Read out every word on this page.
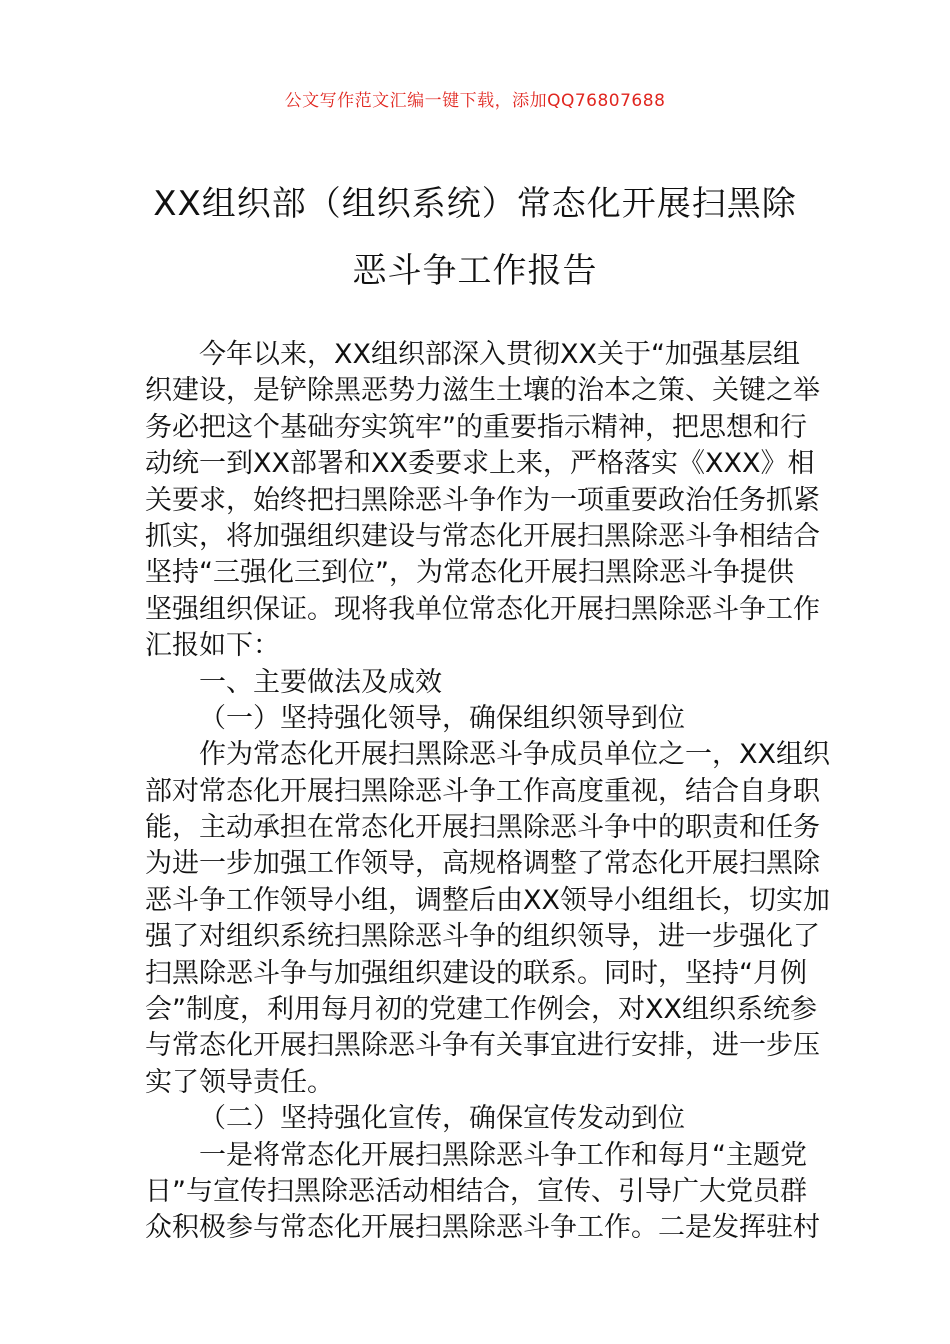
公文写作范文汇编一键下载，添加QQ76807688
XX组织部（组织系统）常态化开展扫黑除
恶斗争工作报告
今年以来，XX组织部深入贯彻XX关于“加强基层组
织建设，是铲除黑恶势力滋生土壤的治本之策、关键之举
务必把这个基础夯实筑牢”的重要指示精神，把思想和行
动统一到XX部署和XX委要求上来，严格落实《XXX》相
关要求，始终把扫黑除恶斗争作为一项重要政治任务抓紧
抓实，将加强组织建设与常态化开展扫黑除恶斗争相结合
坚持“三强化三到位”，为常态化开展扫黑除恶斗争提供
坚强组织保证。现将我单位常态化开展扫黑除恶斗争工作
汇报如下：
一、主要做法及成效
（一）坚持强化领导，确保组织领导到位
作为常态化开展扫黑除恶斗争成员单位之一，XX组织
部对常态化开展扫黑除恶斗争工作高度重视，结合自身职
能，主动承担在常态化开展扫黑除恶斗争中的职责和任务
为进一步加强工作领导，高规格调整了常态化开展扫黑除
恶斗争工作领导小组，调整后由XX领导小组组长，切实加
强了对组织系统扫黑除恶斗争的组织领导，进一步强化了
扫黑除恶斗争与加强组织建设的联系。同时，坚持“月例
会”制度，利用每月初的党建工作例会，对XX组织系统参
与常态化开展扫黑除恶斗争有关事宜进行安排，进一步压
实了领导责任。
（二）坚持强化宣传，确保宣传发动到位
一是将常态化开展扫黑除恶斗争工作和每月“主题党
日”与宣传扫黑除恶活动相结合，宣传、引导广大党员群
众积极参与常态化开展扫黑除恶斗争工作。二是发挥驻村
